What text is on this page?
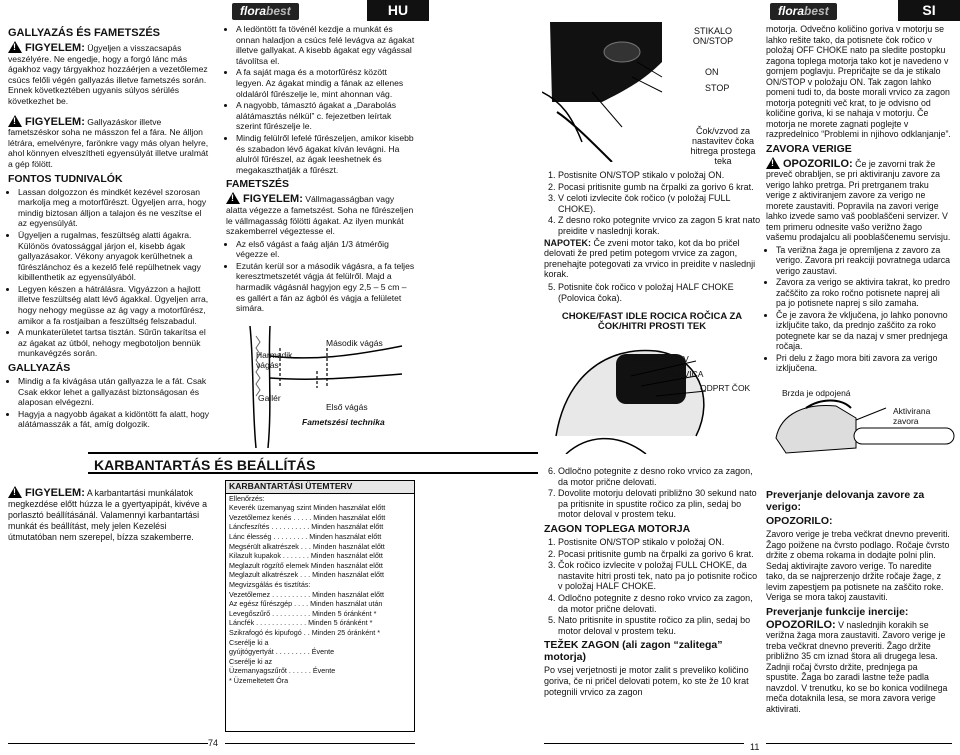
GALLYAZÁS ÉS FAMETSZÉS

!FIGYELEM: Ügyeljen a visszacsapás veszélyére. Ne engedje, hogy a forgó lánc más ágakhoz vagy tárgyakhoz hozzáérjen a vezetőlemez csúcs felőli végén gallyazás illetve fametszés során. Ennek következtében ugyanis súlyos sérülés következhet be.

!FIGYELEM: Gallyazáskor illetve fametszéskor soha ne másszon fel a fára. Ne álljon létrára, emelvényre, farönkre vagy más olyan helyre, ahol könnyen elveszítheti egyensúlyát illetve uralmát a gép fölött.

FONTOS TUDNIVALÓK
• Lassan dolgozzon és mindkét kezével szorosan markolja meg a motorfűrészt. Ügyeljen arra, hogy mindig biztosan álljon a talajon és ne veszítse el az egyensúlyát.
• Ügyeljen a rugalmas, feszültség alatti ágakra. Különös óvatossággal járjon el, kisebb ágak gallyazásakor. Vékony anyagok kerülhetnek a fűrészlánchoz és a kezelő felé repülhetnek vagy kibillenthetik az egyensúlyából.
• Legyen készen a hátrálásra. Vigyázzon a hajlott illetve feszültség alatt lévő ágakkal. Ügyeljen arra, hogy nehogy megüsse az ág vagy a motorfűrész, amikor a fa rostjaiban a feszültség felszabadul.
• A munkaterületet tartsa tisztán. Sűrűn takarítsa el az ágakat az útból, nehogy megbotoljon bennük munkavégzés során.
GALLYAZÁS
• Mindig a fa kivágása után gallyazza le a fát. Csak Csak ekkor lehet a gallyazást biztonságosan és alaposan elvégezni.
• Hagyja a nagyobb ágakat a kidöntött fa alatt, hogy alátámasszák a fát, amíg dolgozik.
KARBANTARTÁS ÉS BEÁLLÍTÁS

!FIGYELEM: A karbantartási munkálatok megkezdése előtt húzza le a gyertyapipát, kivéve a porlasztó beállításánál. Valamennyi karbantartási munkát és beállítást, mely jelen Kezelési útmutatóban nem szerepel, bízza szakemberre.

florabest	HU
• A ledöntött fa tövénél kezdje a munkát és onnan haladjon a csúcs felé levágva az ágakat illetve gallyakat. A kisebb ágakat egy vágással távolítsa el.
• A fa saját maga és a motorfűrész között legyen. Az ágakat mindig a fának az ellenes oldaláról fűrészelje le, mint ahonnan vág.
• A nagyobb, támasztó ágakat a „Darabolás alátámasztás nélkül” c. fejezetben leírtak szerint fűrészelje le.
• Mindig felülről lefelé fűrészeljen, amikor kisebb és szabadon lévő ágakat kíván levágni. Ha alulról fűrészel, az ágak leeshetnek és megakaszthatják a fűrészt.
FAMETSZÉS

!FIGYELEM: Vállmagasságban vagy alatta végezze a fametszést. Soha ne fűrészeljen le vállmagasság fölötti ágakat. Az ilyen munkát szakemberrel végeztesse el.

• Az első vágást a faág alján 1/3 átmérőig végezze el.
• Ezután kerül sor a második vágásra, a fa teljes keresztmetszetét vágja át felülről. Majd a harmadik vágásnál hagyjon egy 2,5 – 5 cm – es gallért a fán az ágból és vágja a felületet simára.
Második vágás
Harmadik vágás
Gallér
Első vágás
Fametszési technika
KARBANTARTÁSI ÜTEMTERV
Ellenőrzés:
Keverék üzemanyag szint Minden használat előtt
Vezetőlemez kenés . . . . . Minden használat előtt
Láncfeszítés . . . . . . . . . . Minden használat előtt
Lánc élesség . . . . . . . . . Minden használat előtt
Megsérült alkatrészek . . . Minden használat előtt
Kilazult kupakok . . . . . . . Minden használat előtt
Meglazult rögzítő elemek Minden használat előtt
Meglazult alkatrészek . . . Minden használat előtt
Megvizsgálás és tisztítás:
Vezetőlemez . . . . . . . . . . Minden használat előtt
Az egész fűrészgép . . . . Minden használat után
Levegőszűrő . . . . . . . . . . Minden 5 óránként *
Láncfék . . . . . . . . . . . . . Minden 5 óránként *
Szikrafogó és kipufogó . . Minden 25 óránként *
Cserélje ki a
gyújtógyertyát . . . . . . . . . Évente
Cserélje ki az
Üzemanyagszűrőt . . . . . . Évente
* Üzemeltetett Óra
74
florabest	SI
STIKALO ON/STOP
ON
STOP
Čok/vzvod za nastavitev čoka hitrega prostega teka
1. Postisnite ON/STOP stikalo v položaj ON.
2. Pocasi pritisnite gumb na črpalki za gorivo 6 krat.
3. V celoti izvlecite čok ročico (v položaj FULL CHOKE).
4. Z desno roko potegnite vrvico za zagon 5 krat nato preidite v naslednji korak.

NAPOTEK: Če zveni motor tako, kot da bo pričel delovati že pred petim potegom vrvice za zagon, prenehajte potegovati za vrvico in preidite v naslednji korak.

5. Potisnite čok ročico v položaj HALF CHOKE (Polovica čoka).
CHOKE/FAST IDLE ROCICA ROČICA ZA ČOK/HITRI PROSTI TEK
ZAUSTAVITEV
POLOVICA
ODPRT ČOK
6. Odločno potegnite z desno roko vrvico za zagon, da motor prične delovati.
7. Dovolite motorju delovati približno 30 sekund nato pa pritisnite in spustite ročico za plin, sedaj bo motor deloval v prostem teku.
ZAGON TOPLEGA MOTORJA
1. Postisnite ON/STOP stikalo v položaj ON.
2. Pocasi pritisnite gumb na črpalki za gorivo 6 krat.
3. Čok ročico izvlecite v položaj FULL CHOKE, da nastavite hitri prosti tek, nato pa jo potisnite ročico v položaj HALF CHOKE.
4. Odločno potegnite z desno roko vrvico za zagon, da motor prične delovati.
5. Nato pritisnite in spustite ročico za plin, sedaj bo motor deloval v prostem teku.
TEŽEK ZAGON (ali zagon “zalitega” motorja)

Po vsej verjetnosti je motor zalit s preveliko količino goriva, če ni pričel delovati potem, ko ste že 10 krat potegnili vrvico za zagon

motorja. Odvečno količino goriva v motorju se lahko rešite tako, da potisnete čok ročico v položaj OFF CHOKE nato pa sledite postopku zagona toplega motorja tako kot je navedeno v gornjem poglavju. Prepričajte se da je stikalo ON/STOP v položaju ON. Tak zagon lahko pomeni tudi to, da boste morali vrvico za zagon motorja potegniti več krat, to je odvisno od količine goriva, ki se nahaja v motorju. Če motorja ne morete zagnati poglejte v razpredelnico “Problemi in njihovo odklanjanje”.

ZAVORA VERIGE

!OPOZORILO: Če je zavorni trak že preveč obrabljen, se pri aktiviranju zavore za verigo lahko pretrga. Pri pretrganem traku verige z aktiviranjem zavore za verigo ne morete zaustaviti. Popravila na zavori verige lahko izvede samo vaš pooblaščeni servizer. V tem primeru odnesite vašo verižno žago vašemu prodajalcu ali pooblaščenemu servisju.

• Ta verižna žaga je opremljena z zavoro za verigo. Zavora pri reakciji povratnega udarca verigo zaustavi.
• Zavora za verigo se aktivira takrat, ko predro začščito za roko ročno potisnete naprej ali pa jo potisnete naprej s silo zamaha.
• Če je zavora že vključena, jo lahko ponovno izključite tako, da prednjo zaščito za roko potegnete kar se da nazaj v smer prednjega ročaja.
• Pri delu z žago mora biti zavora za verigo izključena.
Brzda je odpojená
Aktivirana zavora
Preverjanje delovanja zavore za verigo:
OPOZORILO:

Zavoro verige je treba večkrat dnevno preveriti. Žago poižene na čvrsto podlago. Ročaje čvrsto držite z obema rokama in dodajte polni plin. Sedaj aktivirajte zavoro verige. To naredite tako, da se najprerzenjo držite ročaje žage, z levim zapestjem pa potisnete na zaščito roke. Veriga se mora takoj zaustaviti.

Preverjanje funkcije inercije:

OPOZORILO: V naslednjih korakih se verižna žaga mora zaustaviti. Zavoro verige je treba večkrat dnevno preveriti. Žago držite približno 35 cm iznad štora ali drugega lesa. Zadnji ročaj čvrsto držite, prednjega pa spustite. Žaga bo zaradi lastne teže padla navzdol. V trenutku, ko se bo konica vodilnega meča dotaknila lesa, se mora zavora verige aktivirati.

11
